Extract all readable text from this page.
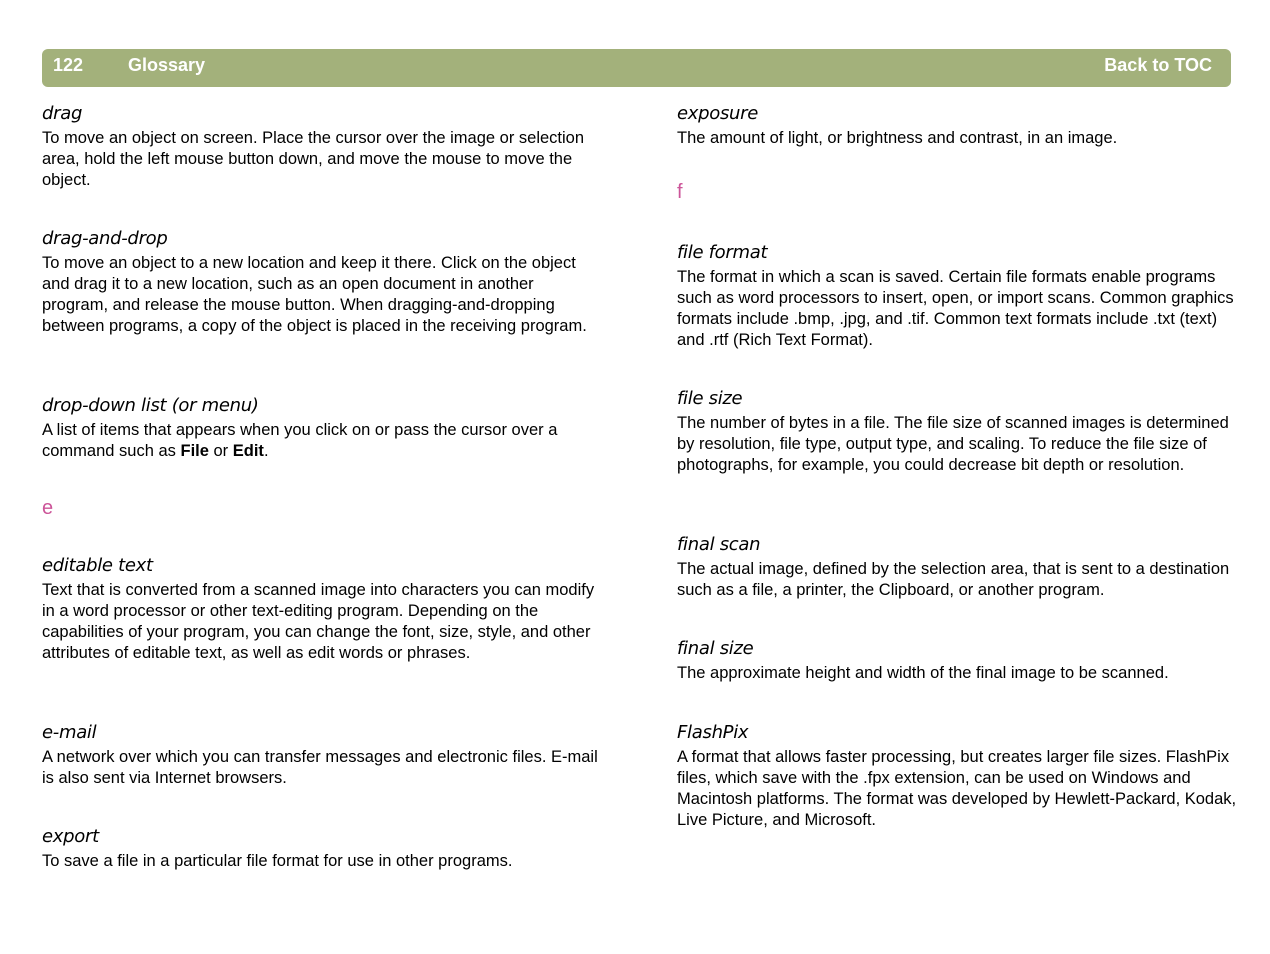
122 Glossary	Back to TOC
drag
To move an object on screen. Place the cursor over the image or selection area, hold the left mouse button down, and move the mouse to move the object.
drag-and-drop
To move an object to a new location and keep it there. Click on the object and drag it to a new location, such as an open document in another program, and release the mouse button. When dragging-and-dropping between programs, a copy of the object is placed in the receiving program.
drop-down list (or menu)
A list of items that appears when you click on or pass the cursor over a command such as File or Edit.
e
editable text
Text that is converted from a scanned image into characters you can modify in a word processor or other text-editing program. Depending on the capabilities of your program, you can change the font, size, style, and other attributes of editable text, as well as edit words or phrases.
e-mail
A network over which you can transfer messages and electronic files. E-mail is also sent via Internet browsers.
export
To save a file in a particular file format for use in other programs.
exposure
The amount of light, or brightness and contrast, in an image.
f
file format
The format in which a scan is saved. Certain file formats enable programs such as word processors to insert, open, or import scans. Common graphics formats include .bmp, .jpg, and .tif. Common text formats include .txt (text) and .rtf (Rich Text Format).
file size
The number of bytes in a file. The file size of scanned images is determined by resolution, file type, output type, and scaling. To reduce the file size of photographs, for example, you could decrease bit depth or resolution.
final scan
The actual image, defined by the selection area, that is sent to a destination such as a file, a printer, the Clipboard, or another program.
final size
The approximate height and width of the final image to be scanned.
FlashPix
A format that allows faster processing, but creates larger file sizes. FlashPix files, which save with the .fpx extension, can be used on Windows and Macintosh platforms. The format was developed by Hewlett-Packard, Kodak, Live Picture, and Microsoft.
